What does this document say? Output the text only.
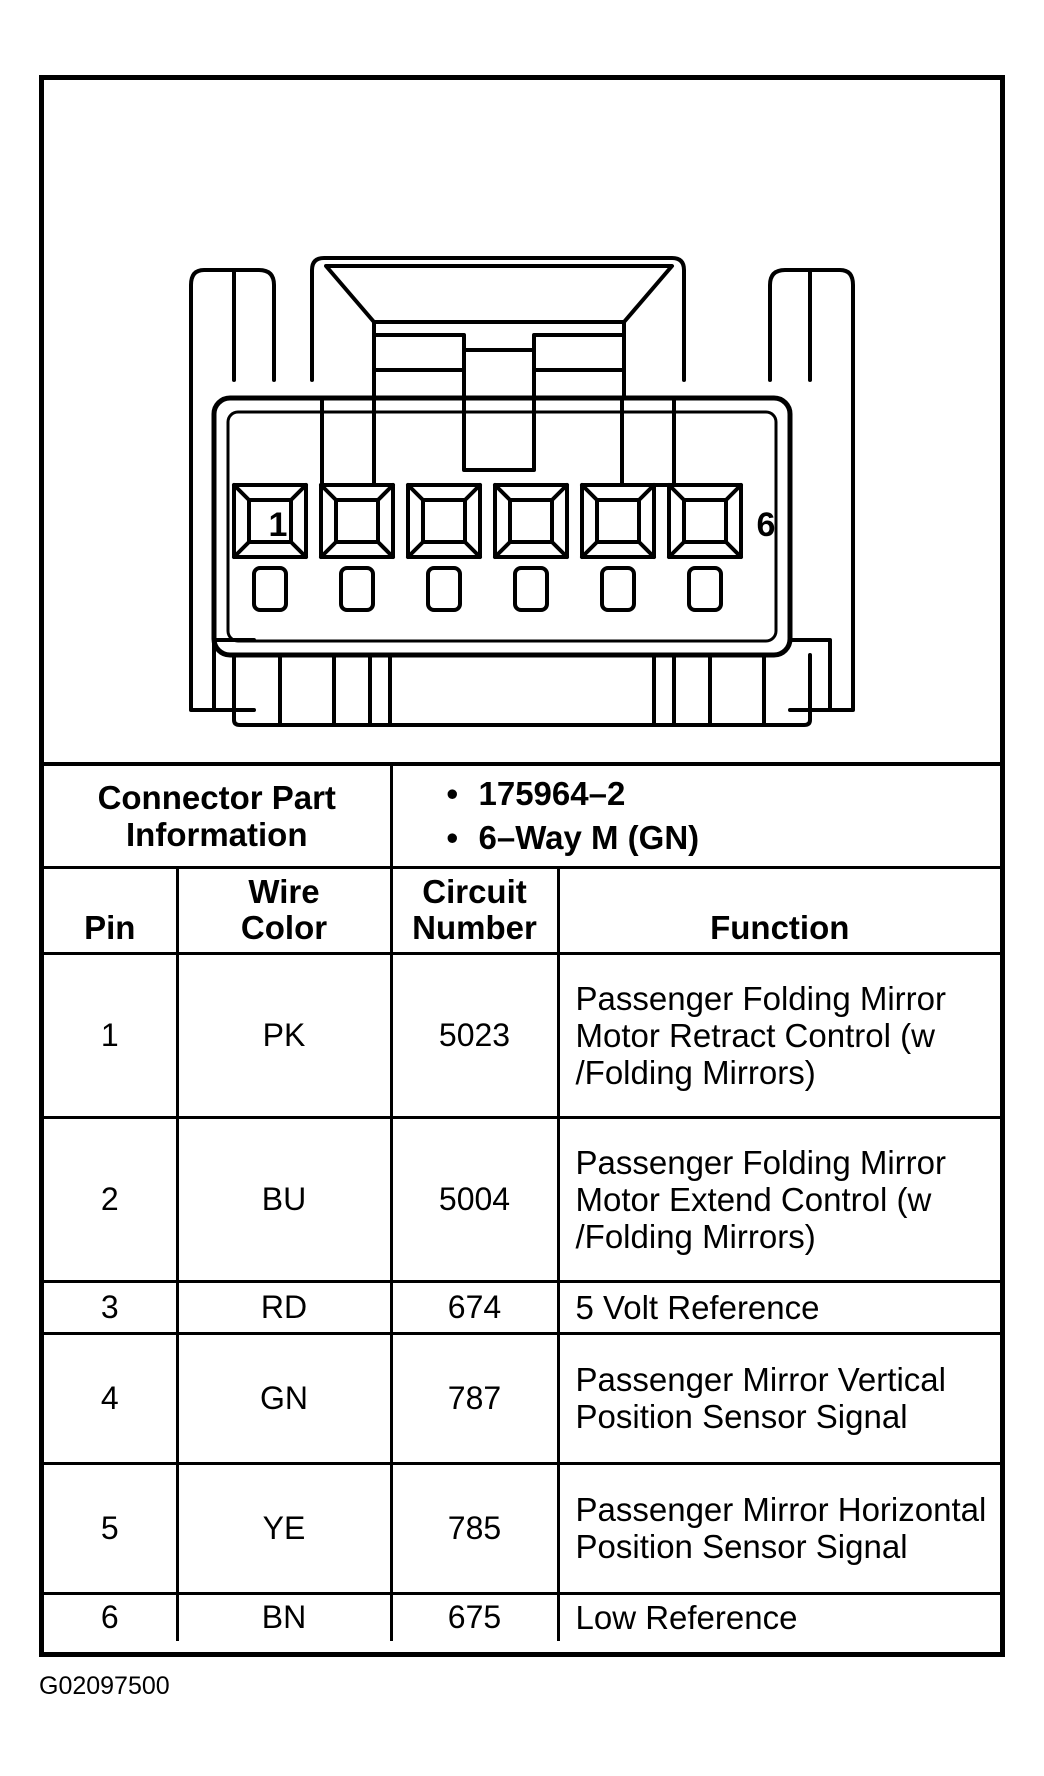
1	6
Connector Part Information		• 175964–2
• 6–Way M (GN)

Pin	Wire Color	Circuit Number	Function
1	PK	5023	Passenger Folding Mirror Motor Retract Control (w /Folding Mirrors)
2	BU	5004	Passenger Folding Mirror Motor Extend Control (w /Folding Mirrors)
3	RD	674	5 Volt Reference
4	GN	787	Passenger Mirror Vertical Position Sensor Signal
5	YE	785	Passenger Mirror Horizontal Position Sensor Signal
6	BN	675	Low Reference
G02097500
